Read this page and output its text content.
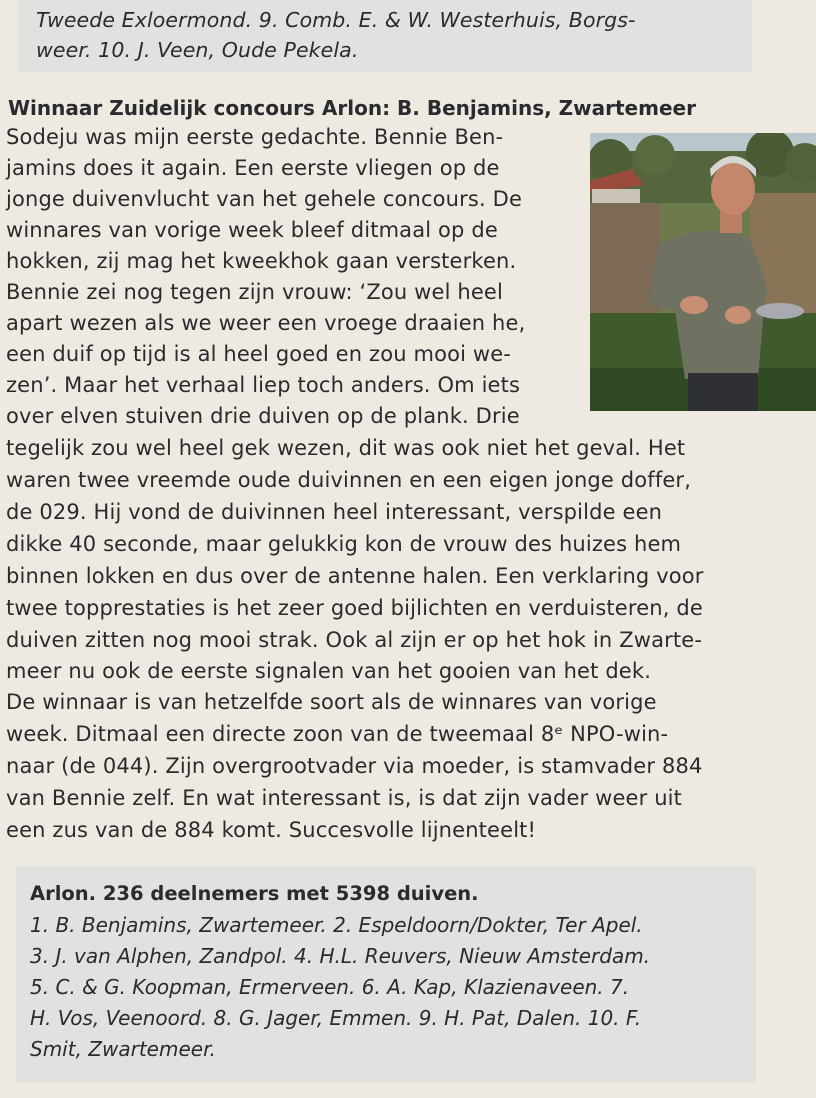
Tweede Exloermond. 9. Comb. E. & W. Westerhuis, Borgs-
weer. 10. J. Veen, Oude Pekela.
Winnaar Zuidelijk concours Arlon: B. Benjamins, Zwartemeer
Sodeju was mijn eerste gedachte. Bennie Ben-
jamins does it again. Een eerste vliegen op de
jonge duivenvlucht van het gehele concours. De
winnares van vorige week bleef ditmaal op de
hokken, zij mag het kweekhok gaan versterken.
Bennie zei nog tegen zijn vrouw: ‘Zou wel heel
apart wezen als we weer een vroege draaien he,
een duif op tijd is al heel goed en zou mooi we-
zen’. Maar het verhaal liep toch anders. Om iets
over elven stuiven drie duiven op de plank. Drie
tegelijk zou wel heel gek wezen, dit was ook niet het geval. Het
waren twee vreemde oude duivinnen en een eigen jonge doffer,
de 029. Hij vond de duivinnen heel interessant, verspilde een
dikke 40 seconde, maar gelukkig kon de vrouw des huizes hem
binnen lokken en dus over de antenne halen. Een verklaring voor
twee topprestaties is het zeer goed bijlichten en verduisteren, de
duiven zitten nog mooi strak. Ook al zijn er op het hok in Zwarte-
meer nu ook de eerste signalen van het gooien van het dek.
De winnaar is van hetzelfde soort als de winnares van vorige
week. Ditmaal een directe zoon van de tweemaal 8ᵉ NPO-win-
naar (de 044). Zijn overgrootvader via moeder, is stamvader 884
van Bennie zelf. En wat interessant is, is dat zijn vader weer uit
een zus van de 884 komt. Succesvolle lijnenteelt!
Arlon. 236 deelnemers met 5398 duiven.
1. B. Benjamins, Zwartemeer. 2. Espeldoorn/Dokter, Ter Apel.
3. J. van Alphen, Zandpol. 4. H.L. Reuvers, Nieuw Amsterdam.
5. C. & G. Koopman, Ermerveen. 6. A. Kap, Klazienaveen. 7.
H. Vos, Veenoord. 8. G. Jager, Emmen. 9. H. Pat, Dalen. 10. F.
Smit, Zwartemeer.
